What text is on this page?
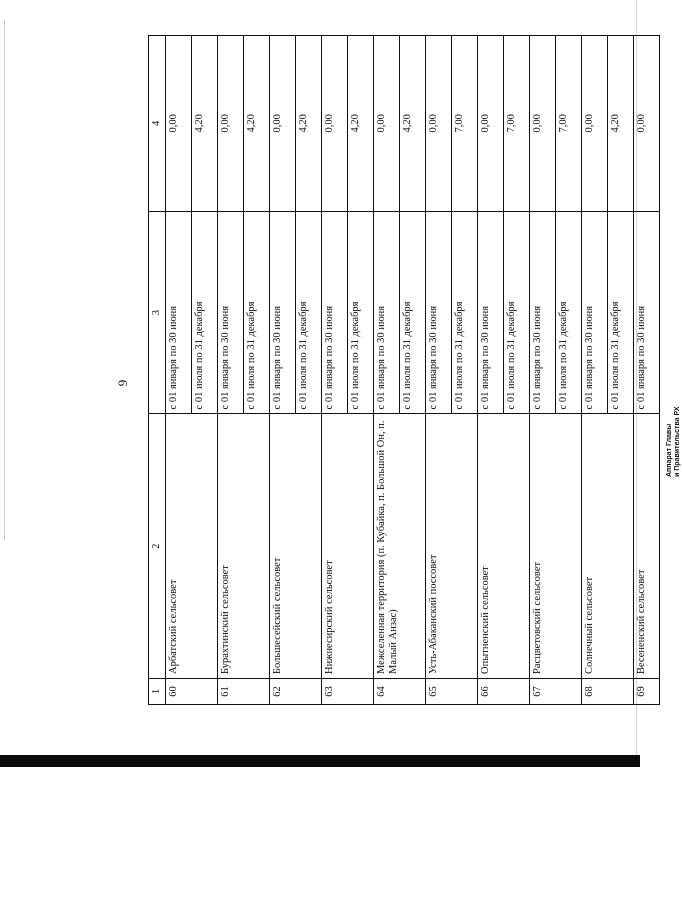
9
1	2	3	4
60	Арбатский сельсовет	с 01 января по 30 июня	0,00
		с 01 июля по 31 декабря	4,20
61	Бурахтинский сельсовет	с 01 января по 30 июня	0,00
		с 01 июля по 31 декабря	4,20
62	Большесейский сельсовет	с 01 января по 30 июня	0,00
		с 01 июля по 31 декабря	4,20
63	Нижнесирский сельсовет	с 01 января по 30 июня	0,00
		с 01 июля по 31 декабря	4,20
64	Межселенная территория (п. Кубайка, п. Большой Он, п. Малый Анзас)	с 01 января по 30 июня	0,00
		с 01 июля по 31 декабря	4,20
65	Усть-Абаканский поссовет	с 01 января по 30 июня	0,00
		с 01 июля по 31 декабря	7,00
66	Опытненский сельсовет	с 01 января по 30 июня	0,00
		с 01 июля по 31 декабря	7,00
67	Расцветовский сельсовет	с 01 января по 30 июня	0,00
		с 01 июля по 31 декабря	7,00
68	Солнечный сельсовет	с 01 января по 30 июня	0,00
		с 01 июля по 31 декабря	4,20
69	Весененский сельсовет	с 01 января по 30 июня	0,00
Аппарат Главы и Правительства РХ
